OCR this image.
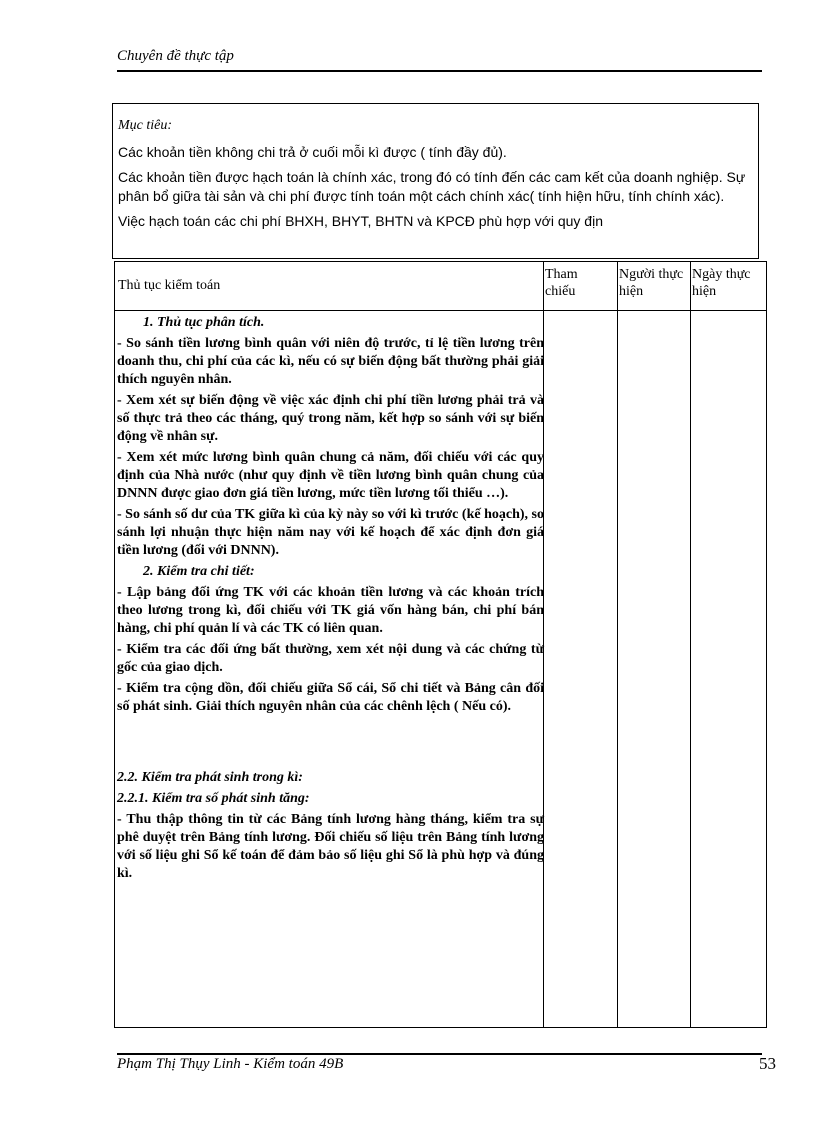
Chuyên đề thực tập

Mục tiêu:

Các khoản tiền không chi trả ở cuối mỗi kì được ( tính đầy đủ).

Các khoản tiền được hạch toán là chính xác, trong đó có tính đến các cam kết của doanh nghiệp. Sự phân bổ giữa tài sản và chi phí được tính toán một cách chính xác( tính hiện hữu, tính chính xác).

Việc hạch toán các chi phí BHXH, BHYT, BHTN và KPCĐ phù hợp với quy địn

Thủ tục kiểm toán
Tham chiếu
Người thực hiện
Ngày thực hiện

1. Thủ tục phân tích.

- So sánh tiền lương bình quân với niên độ trước, tỉ lệ tiền lương trên doanh thu, chi phí của các kì, nếu có sự biến động bất thường phải giải thích nguyên nhân.

- Xem xét sự biến động về việc xác định chi phí tiền lương phải trả và số thực trả theo các tháng, quý trong năm, kết hợp so sánh với sự biến động về nhân sự.

- Xem xét mức lương bình quân chung cả năm, đối chiếu với các quy định của Nhà nước (như quy định về tiền lương bình quân chung của DNNN được giao đơn giá tiền lương, mức tiền lương tối thiểu …).

- So sánh số dư của TK giữa kì của kỳ này so với kì trước (kế hoạch), so sánh lợi nhuận thực hiện năm nay với kế hoạch để xác định đơn giá tiền lương (đối với DNNN).

2. Kiểm tra chi tiết:

- Lập bảng đối ứng TK với các khoản tiền lương và các khoản trích theo lương trong kì, đối chiếu với TK giá vốn hàng bán, chi phí bán hàng, chi phí quản lí và các TK có liên quan.

- Kiểm tra các đối ứng bất thường, xem xét nội dung và các chứng từ gốc của giao dịch.

- Kiểm tra cộng dồn, đối chiếu giữa Sổ cái, Sổ chi tiết và Bảng cân đối số phát sinh. Giải thích nguyên nhân của các chênh lệch ( Nếu có).

2.2. Kiểm tra phát sinh trong kì:

2.2.1. Kiểm tra số phát sinh tăng:

- Thu thập thông tin từ các Bảng tính lương hàng tháng, kiểm tra sự phê duyệt trên Bảng tính lương. Đối chiếu số liệu trên Bảng tính lương với số liệu ghi Sổ kế toán để đảm bảo số liệu ghi Sổ là phù hợp và đúng kì.

Phạm Thị Thụy Linh - Kiểm toán 49B	53
